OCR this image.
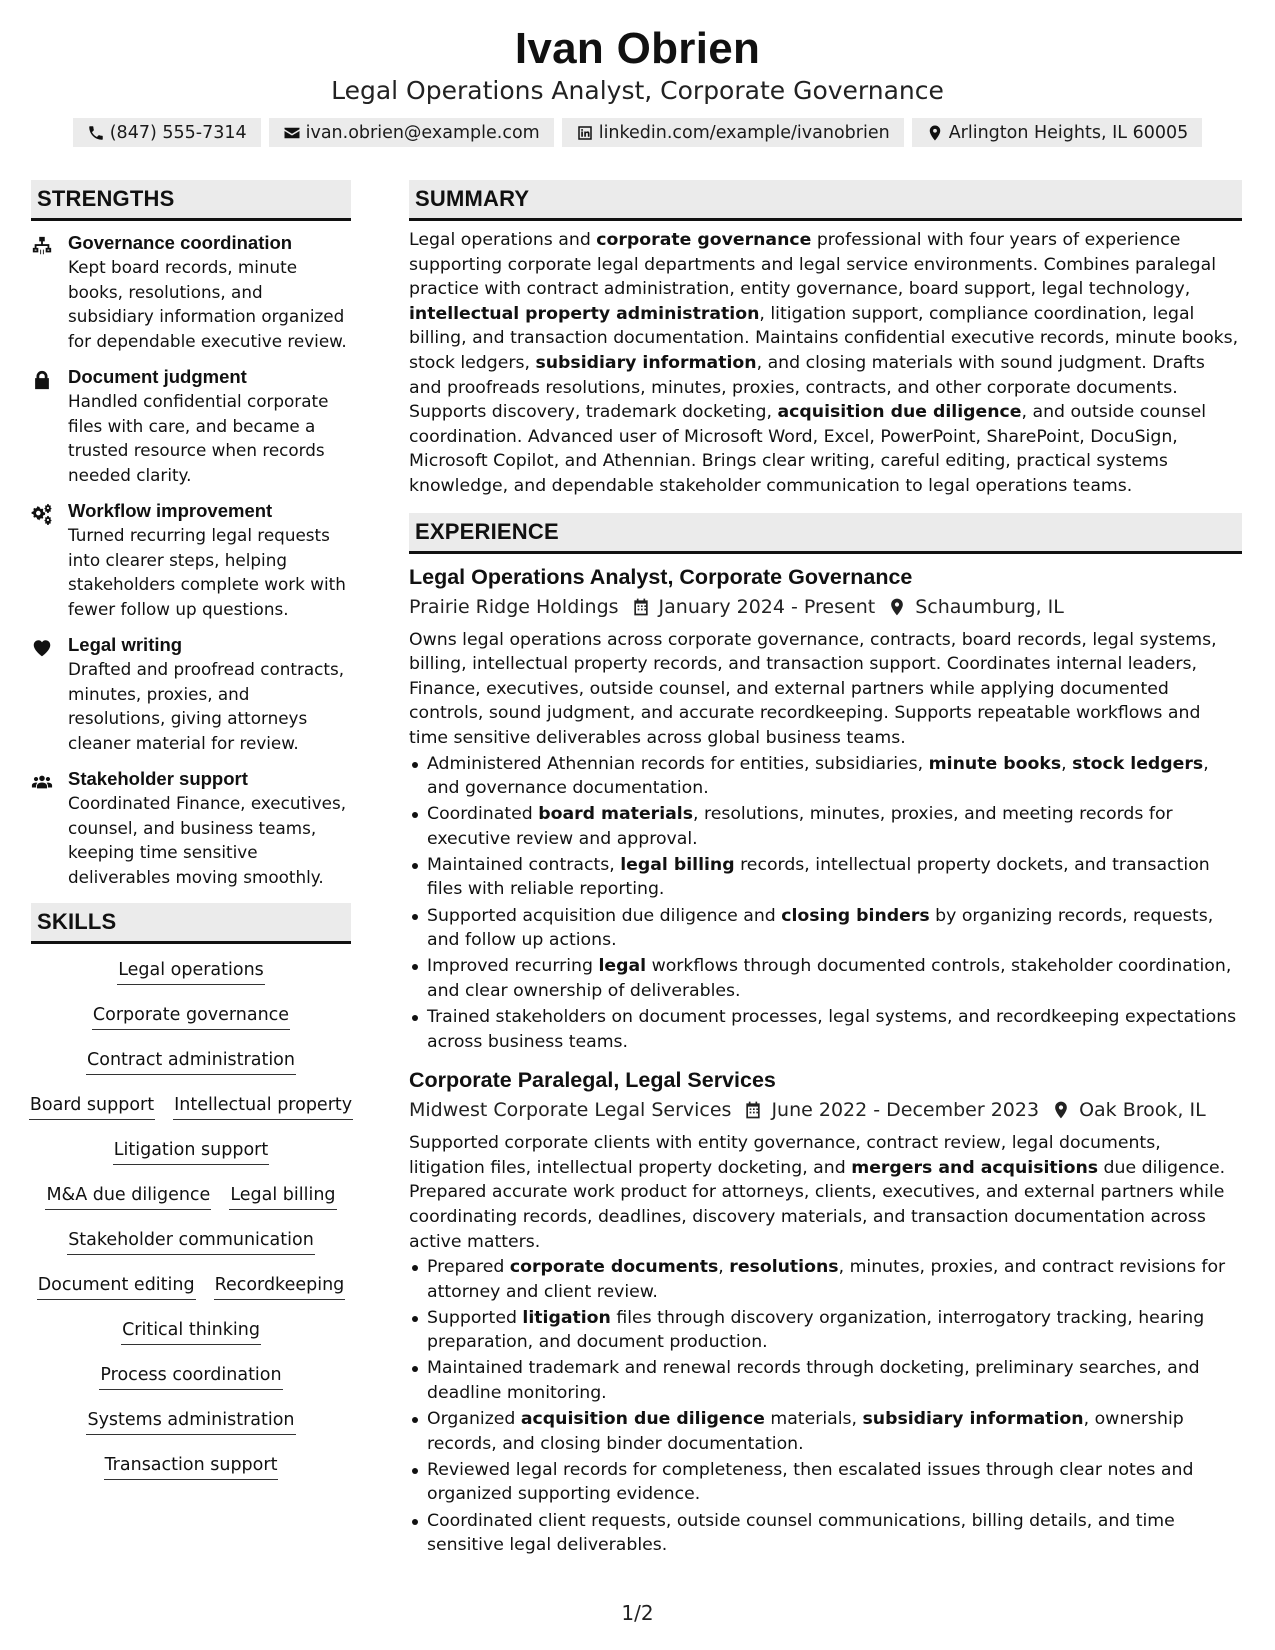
Ivan Obrien
Legal Operations Analyst, Corporate Governance
(847) 555-7314	ivan.obrien@example.com	linkedin.com/example/ivanobrien	Arlington Heights, IL 60005
STRENGTHS
Governance coordination
Kept board records, minute books, resolutions, and subsidiary information organized for dependable executive review.
Document judgment
Handled confidential corporate files with care, and became a trusted resource when records needed clarity.
Workflow improvement
Turned recurring legal requests into clearer steps, helping stakeholders complete work with fewer follow up questions.
Legal writing
Drafted and proofread contracts, minutes, proxies, and resolutions, giving attorneys cleaner material for review.
Stakeholder support
Coordinated Finance, executives, counsel, and business teams, keeping time sensitive deliverables moving smoothly.
SKILLS
Legal operations
Corporate governance
Contract administration
Board support Intellectual property
Litigation support
M&A due diligence Legal billing
Stakeholder communication
Document editing Recordkeeping
Critical thinking
Process coordination
Systems administration
Transaction support
SUMMARY
Legal operations and corporate governance professional with four years of experience supporting corporate legal departments and legal service environments. Combines paralegal practice with contract administration, entity governance, board support, legal technology, intellectual property administration, litigation support, compliance coordination, legal billing, and transaction documentation. Maintains confidential executive records, minute books, stock ledgers, subsidiary information, and closing materials with sound judgment. Drafts and proofreads resolutions, minutes, proxies, contracts, and other corporate documents. Supports discovery, trademark docketing, acquisition due diligence, and outside counsel coordination. Advanced user of Microsoft Word, Excel, PowerPoint, SharePoint, DocuSign, Microsoft Copilot, and Athennian. Brings clear writing, careful editing, practical systems knowledge, and dependable stakeholder communication to legal operations teams.
EXPERIENCE
Legal Operations Analyst, Corporate Governance
Prairie Ridge Holdings January 2024 - Present Schaumburg, IL
Owns legal operations across corporate governance, contracts, board records, legal systems, billing, intellectual property records, and transaction support. Coordinates internal leaders, Finance, executives, outside counsel, and external partners while applying documented controls, sound judgment, and accurate recordkeeping. Supports repeatable workflows and time sensitive deliverables across global business teams.
Administered Athennian records for entities, subsidiaries, minute books, stock ledgers, and governance documentation.
Coordinated board materials, resolutions, minutes, proxies, and meeting records for executive review and approval.
Maintained contracts, legal billing records, intellectual property dockets, and transaction files with reliable reporting.
Supported acquisition due diligence and closing binders by organizing records, requests, and follow up actions.
Improved recurring legal workflows through documented controls, stakeholder coordination, and clear ownership of deliverables.
Trained stakeholders on document processes, legal systems, and recordkeeping expectations across business teams.
Corporate Paralegal, Legal Services
Midwest Corporate Legal Services June 2022 - December 2023 Oak Brook, IL
Supported corporate clients with entity governance, contract review, legal documents, litigation files, intellectual property docketing, and mergers and acquisitions due diligence. Prepared accurate work product for attorneys, clients, executives, and external partners while coordinating records, deadlines, discovery materials, and transaction documentation across active matters.
Prepared corporate documents, resolutions, minutes, proxies, and contract revisions for attorney and client review.
Supported litigation files through discovery organization, interrogatory tracking, hearing preparation, and document production.
Maintained trademark and renewal records through docketing, preliminary searches, and deadline monitoring.
Organized acquisition due diligence materials, subsidiary information, ownership records, and closing binder documentation.
Reviewed legal records for completeness, then escalated issues through clear notes and organized supporting evidence.
Coordinated client requests, outside counsel communications, billing details, and time sensitive legal deliverables.
1/2
